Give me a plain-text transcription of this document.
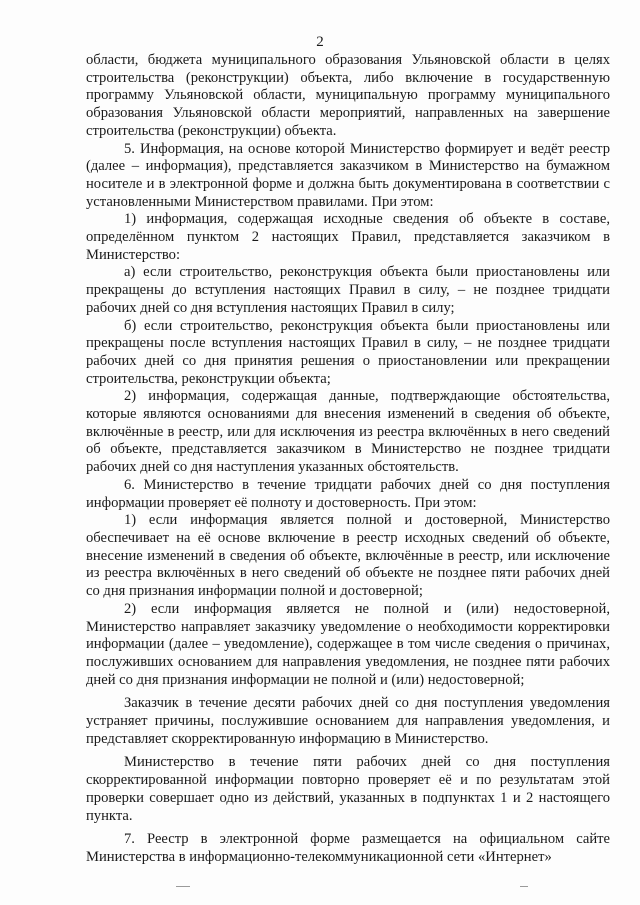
2

области, бюджета муниципального образования Ульяновской области в целях строительства (реконструкции) объекта, либо включение в государственную программу Ульяновской области, муниципальную программу муниципального образования Ульяновской области мероприятий, направленных на завершение строительства (реконструкции) объекта.

5. Информация, на основе которой Министерство формирует и ведёт реестр (далее – информация), представляется заказчиком в Министерство на бумажном носителе и в электронной форме и должна быть документирована в соответствии с установленными Министерством правилами. При этом:

1) информация, содержащая исходные сведения об объекте в составе, определённом пунктом 2 настоящих Правил, представляется заказчиком в Министерство:

а) если строительство, реконструкция объекта были приостановлены или прекращены до вступления настоящих Правил в силу, – не позднее тридцати рабочих дней со дня вступления настоящих Правил в силу;

б) если строительство, реконструкция объекта были приостановлены или прекращены после вступления настоящих Правил в силу, – не позднее тридцати рабочих дней со дня принятия решения о приостановлении или прекращении строительства, реконструкции объекта;

2) информация, содержащая данные, подтверждающие обстоятельства, которые являются основаниями для внесения изменений в сведения об объекте, включённые в реестр, или для исключения из реестра включённых в него сведений об объекте, представляется заказчиком в Министерство не позднее тридцати рабочих дней со дня наступления указанных обстоятельств.

6. Министерство в течение тридцати рабочих дней со дня поступления информации проверяет её полноту и достоверность. При этом:

1) если информация является полной и достоверной, Министерство обеспечивает на её основе включение в реестр исходных сведений об объекте, внесение изменений в сведения об объекте, включённые в реестр, или исключение из реестра включённых в него сведений об объекте не позднее пяти рабочих дней со дня признания информации полной и достоверной;

2) если информация является не полной и (или) недостоверной, Министерство направляет заказчику уведомление о необходимости корректировки информации (далее – уведомление), содержащее в том числе сведения о причинах, послуживших основанием для направления уведомления, не позднее пяти рабочих дней со дня признания информации не полной и (или) недостоверной;

Заказчик в течение десяти рабочих дней со дня поступления уведомления устраняет причины, послужившие основанием для направления уведомления, и представляет скорректированную информацию в Министерство.

Министерство в течение пяти рабочих дней со дня поступления скорректированной информации повторно проверяет её и по результатам этой проверки совершает одно из действий, указанных в подпунктах 1 и 2 настоящего пункта.

7. Реестр в электронной форме размещается на официальном сайте Министерства в информационно-телекоммуникационной сети «Интернет»
